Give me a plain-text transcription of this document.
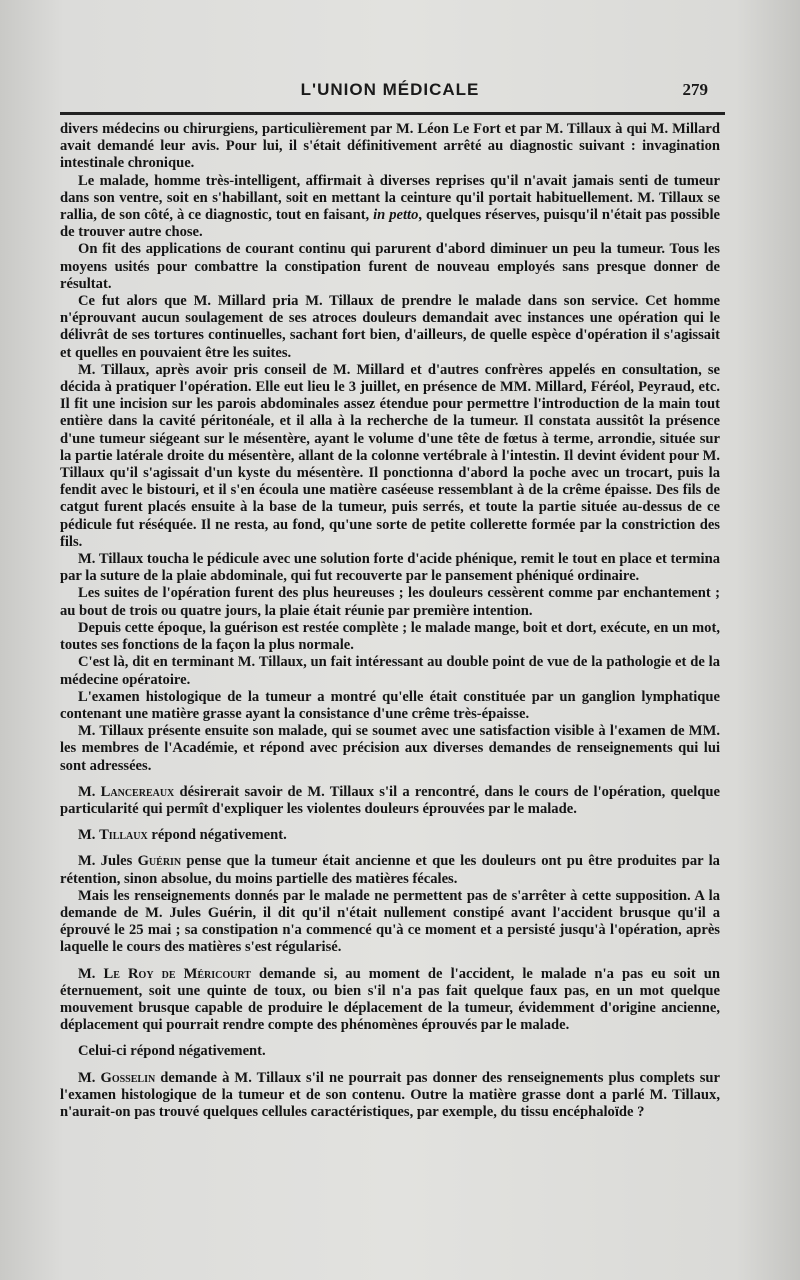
L'UNION MÉDICALE	279

divers médecins ou chirurgiens, particulièrement par M. Léon Le Fort et par M. Tillaux à qui M. Millard avait demandé leur avis. Pour lui, il s'était définitivement arrêté au diagnostic suivant : invagination intestinale chronique.

Le malade, homme très-intelligent, affirmait à diverses reprises qu'il n'avait jamais senti de tumeur dans son ventre, soit en s'habillant, soit en mettant la ceinture qu'il portait habituellement. M. Tillaux se rallia, de son côté, à ce diagnostic, tout en faisant, in petto, quelques réserves, puisqu'il n'était pas possible de trouver autre chose.

On fit des applications de courant continu qui parurent d'abord diminuer un peu la tumeur. Tous les moyens usités pour combattre la constipation furent de nouveau employés sans presque donner de résultat.

Ce fut alors que M. Millard pria M. Tillaux de prendre le malade dans son service. Cet homme n'éprouvant aucun soulagement de ses atroces douleurs demandait avec instances une opération qui le délivrât de ses tortures continuelles, sachant fort bien, d'ailleurs, de quelle espèce d'opération il s'agissait et quelles en pouvaient être les suites.

M. Tillaux, après avoir pris conseil de M. Millard et d'autres confrères appelés en consultation, se décida à pratiquer l'opération. Elle eut lieu le 3 juillet, en présence de MM. Millard, Féréol, Peyraud, etc. Il fit une incision sur les parois abdominales assez étendue pour permettre l'introduction de la main tout entière dans la cavité péritonéale, et il alla à la recherche de la tumeur. Il constata aussitôt la présence d'une tumeur siégeant sur le mésentère, ayant le volume d'une tête de fœtus à terme, arrondie, située sur la partie latérale droite du mésentère, allant de la colonne vertébrale à l'intestin. Il devint évident pour M. Tillaux qu'il s'agissait d'un kyste du mésentère. Il ponctionna d'abord la poche avec un trocart, puis la fendit avec le bistouri, et il s'en écoula une matière caséeuse ressemblant à de la crême épaisse. Des fils de catgut furent placés ensuite à la base de la tumeur, puis serrés, et toute la partie située au-dessus de ce pédicule fut réséquée. Il ne resta, au fond, qu'une sorte de petite collerette formée par la constriction des fils.

M. Tillaux toucha le pédicule avec une solution forte d'acide phénique, remit le tout en place et termina par la suture de la plaie abdominale, qui fut recouverte par le pansement phéniqué ordinaire.

Les suites de l'opération furent des plus heureuses ; les douleurs cessèrent comme par enchantement ; au bout de trois ou quatre jours, la plaie était réunie par première intention.

Depuis cette époque, la guérison est restée complète ; le malade mange, boit et dort, exécute, en un mot, toutes ses fonctions de la façon la plus normale.

C'est là, dit en terminant M. Tillaux, un fait intéressant au double point de vue de la pathologie et de la médecine opératoire.

L'examen histologique de la tumeur a montré qu'elle était constituée par un ganglion lymphatique contenant une matière grasse ayant la consistance d'une crême très-épaisse.

M. Tillaux présente ensuite son malade, qui se soumet avec une satisfaction visible à l'examen de MM. les membres de l'Académie, et répond avec précision aux diverses demandes de renseignements qui lui sont adressées.

M. Lancereaux désirerait savoir de M. Tillaux s'il a rencontré, dans le cours de l'opération, quelque particularité qui permît d'expliquer les violentes douleurs éprouvées par le malade.

M. Tillaux répond négativement.

M. Jules Guérin pense que la tumeur était ancienne et que les douleurs ont pu être produites par la rétention, sinon absolue, du moins partielle des matières fécales.

Mais les renseignements donnés par le malade ne permettent pas de s'arrêter à cette supposition. A la demande de M. Jules Guérin, il dit qu'il n'était nullement constipé avant l'accident brusque qu'il a éprouvé le 25 mai ; sa constipation n'a commencé qu'à ce moment et a persisté jusqu'à l'opération, après laquelle le cours des matières s'est régularisé.

M. Le Roy de Méricourt demande si, au moment de l'accident, le malade n'a pas eu soit un éternuement, soit une quinte de toux, ou bien s'il n'a pas fait quelque faux pas, en un mot quelque mouvement brusque capable de produire le déplacement de la tumeur, évidemment d'origine ancienne, déplacement qui pourrait rendre compte des phénomènes éprouvés par le malade.

Celui-ci répond négativement.

M. Gosselin demande à M. Tillaux s'il ne pourrait pas donner des renseignements plus complets sur l'examen histologique de la tumeur et de son contenu. Outre la matière grasse dont a parlé M. Tillaux, n'aurait-on pas trouvé quelques cellules caractéristiques, par exemple, du tissu encéphaloïde ?
